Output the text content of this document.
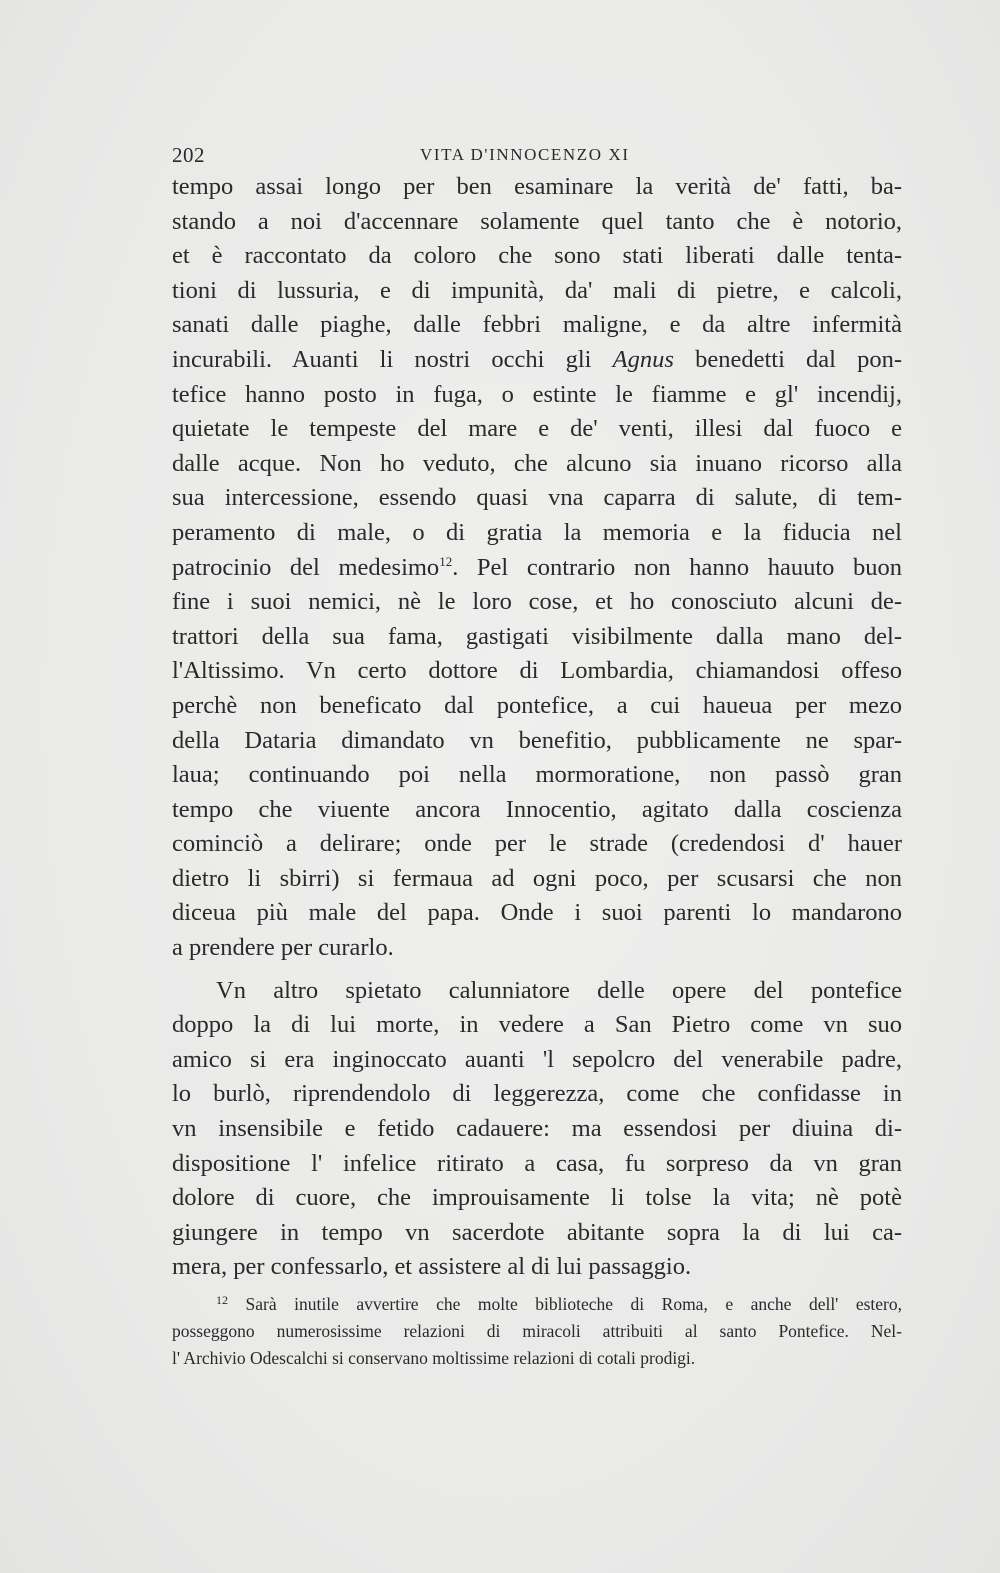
202	VITA D'INNOCENZO XI
tempo assai longo per ben esaminare la verità de' fatti, ba-
stando a noi d'accennare solamente quel tanto che è notorio,
et è raccontato da coloro che sono stati liberati dalle tenta-
tioni di lussuria, e di impunità, da' mali di pietre, e calcoli,
sanati dalle piaghe, dalle febbri maligne, e da altre infermità
incurabili. Auanti li nostri occhi gli Agnus benedetti dal pon-
tefice hanno posto in fuga, o estinte le fiamme e gl' incendij,
quietate le tempeste del mare e de' venti, illesi dal fuoco e
dalle acque. Non ho veduto, che alcuno sia inuano ricorso alla
sua intercessione, essendo quasi vna caparra di salute, di tem-
peramento di male, o di gratia la memoria e la fiducia nel
patrocinio del medesimo$^{12}$. Pel contrario non hanno hauuto buon
fine i suoi nemici, nè le loro cose, et ho conosciuto alcuni de-
trattori della sua fama, gastigati visibilmente dalla mano del-
l'Altissimo. Vn certo dottore di Lombardia, chiamandosi offeso
perchè non beneficato dal pontefice, a cui haueua per mezo
della Dataria dimandato vn benefitio, pubblicamente ne spar-
laua; continuando poi nella mormoratione, non passò gran
tempo che viuente ancora Innocentio, agitato dalla coscienza
cominciò a delirare; onde per le strade (credendosi d' hauer
dietro li sbirri) si fermaua ad ogni poco, per scusarsi che non
diceua più male del papa. Onde i suoi parenti lo mandarono
a prendere per curarlo.
Vn altro spietato calunniatore delle opere del pontefice
doppo la di lui morte, in vedere a San Pietro come vn suo
amico si era inginoccato auanti 'l sepolcro del venerabile padre,
lo burlò, riprendendolo di leggerezza, come che confidasse in
vn insensibile e fetido cadauere: ma essendosi per diuina di-
dispositione l' infelice ritirato a casa, fu sorpreso da vn gran
dolore di cuore, che improuisamente li tolse la vita; nè potè
giungere in tempo vn sacerdote abitante sopra la di lui ca-
mera, per confessarlo, et assistere al di lui passaggio.
$^{12}$ Sarà inutile avvertire che molte biblioteche di Roma, e anche dell' estero,
posseggono numerosissime relazioni di miracoli attribuiti al santo Pontefice. Nel-
l' Archivio Odescalchi si conservano moltissime relazioni di cotali prodigi.
